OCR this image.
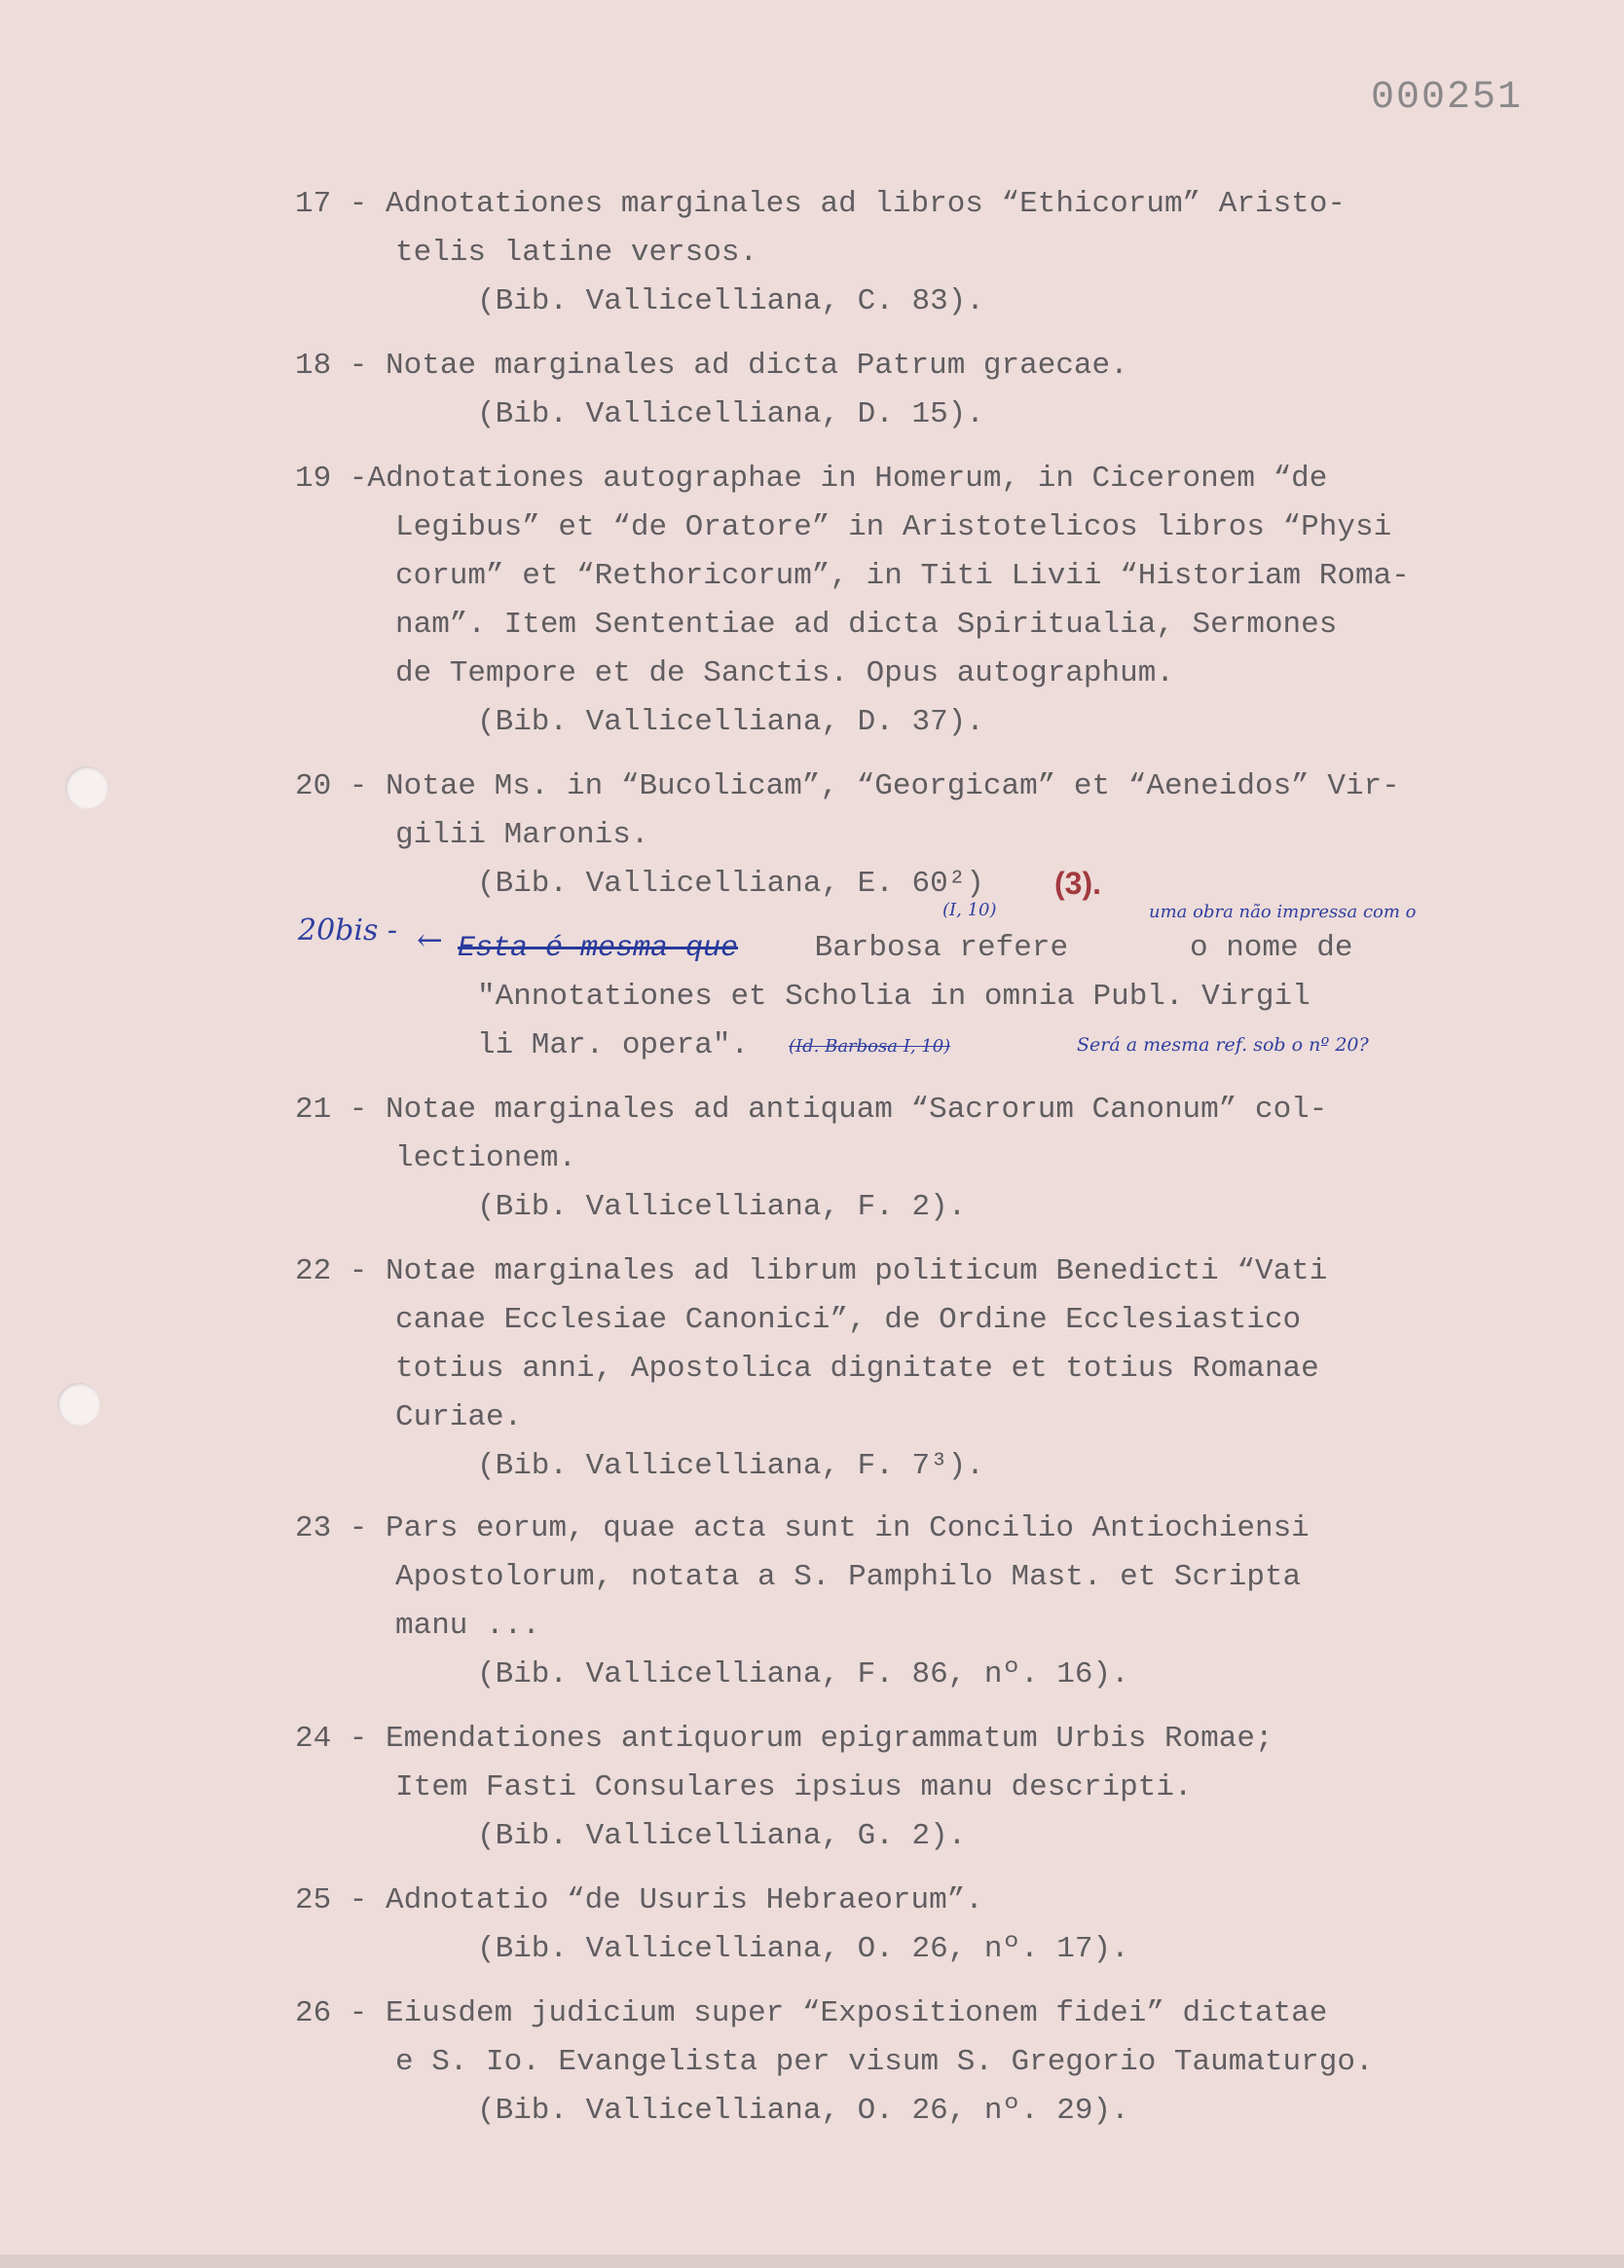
000251
17 - Adnotationes marginales ad libros “Ethicorum” Aristo-
telis latine versos.
(Bib. Vallicelliana, C. 83).
18 - Notae marginales ad dicta Patrum graecae.
(Bib. Vallicelliana, D. 15).
19 -Adnotationes autographae in Homerum, in Ciceronem “de
Legibus” et “de Oratore” in Aristotelicos libros “Physi
corum” et “Rethoricorum”, in Titi Livii “Historiam Roma-
nam”. Item Sententiae ad dicta Spiritualia, Sermones
de Tempore et de Sanctis. Opus autographum.
(Bib. Vallicelliana, D. 37).
20 - Notae Ms. in “Bucolicam”, “Georgicam” et “Aeneidos” Vir-
gilii Maronis.
(Bib. Vallicelliana, E. 60²) (3).
20bis - ← Esta é mesma que Barbosa refere	o nome de
(I, 10)	uma obra não impressa com o
"Annotationes et Scholia in omnia Publ. Virgil
li Mar. opera". (Id. Barbosa I, 10)	Será a mesma ref. sob o nº 20?
21 - Notae marginales ad antiquam “Sacrorum Canonum” col-
lectionem.
(Bib. Vallicelliana, F. 2).
22 - Notae marginales ad librum politicum Benedicti “Vati
canae Ecclesiae Canonici”, de Ordine Ecclesiastico
totius anni, Apostolica dignitate et totius Romanae
Curiae.
(Bib. Vallicelliana, F. 7³).
23 - Pars eorum, quae acta sunt in Concilio Antiochiensi
Apostolorum, notata a S. Pamphilo Mast. et Scripta
manu ...
(Bib. Vallicelliana, F. 86, nº. 16).
24 - Emendationes antiquorum epigrammatum Urbis Romae;
Item Fasti Consulares ipsius manu descripti.
(Bib. Vallicelliana, G. 2).
25 - Adnotatio “de Usuris Hebraeorum”.
(Bib. Vallicelliana, O. 26, nº. 17).
26 - Eiusdem judicium super “Expositionem fidei” dictatae
e S. Io. Evangelista per visum S. Gregorio Taumaturgo.
(Bib. Vallicelliana, O. 26, nº. 29).
